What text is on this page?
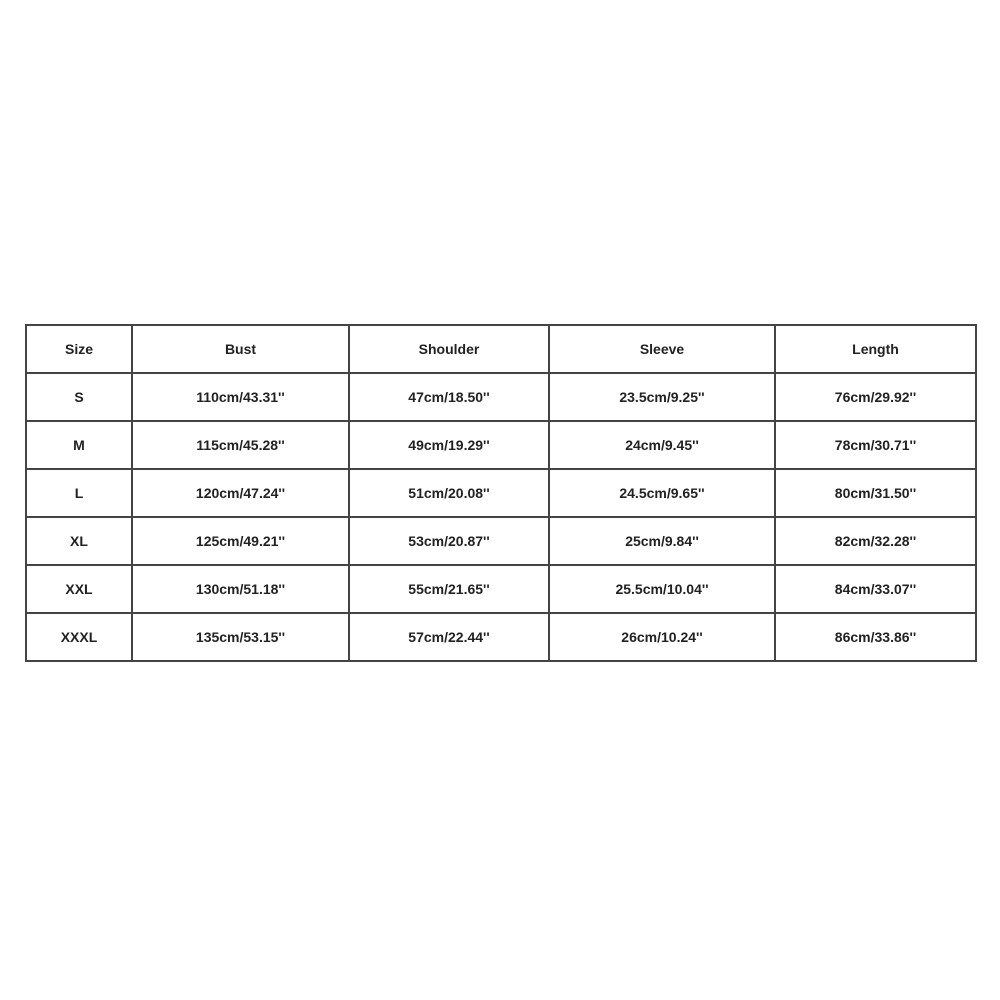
Size	Bust	Shoulder	Sleeve	Length
S	110cm/43.31''	47cm/18.50''	23.5cm/9.25''	76cm/29.92''
M	115cm/45.28''	49cm/19.29''	24cm/9.45''	78cm/30.71''
L	120cm/47.24''	51cm/20.08''	24.5cm/9.65''	80cm/31.50''
XL	125cm/49.21''	53cm/20.87''	25cm/9.84''	82cm/32.28''
XXL	130cm/51.18''	55cm/21.65''	25.5cm/10.04''	84cm/33.07''
XXXL	135cm/53.15''	57cm/22.44''	26cm/10.24''	86cm/33.86''
